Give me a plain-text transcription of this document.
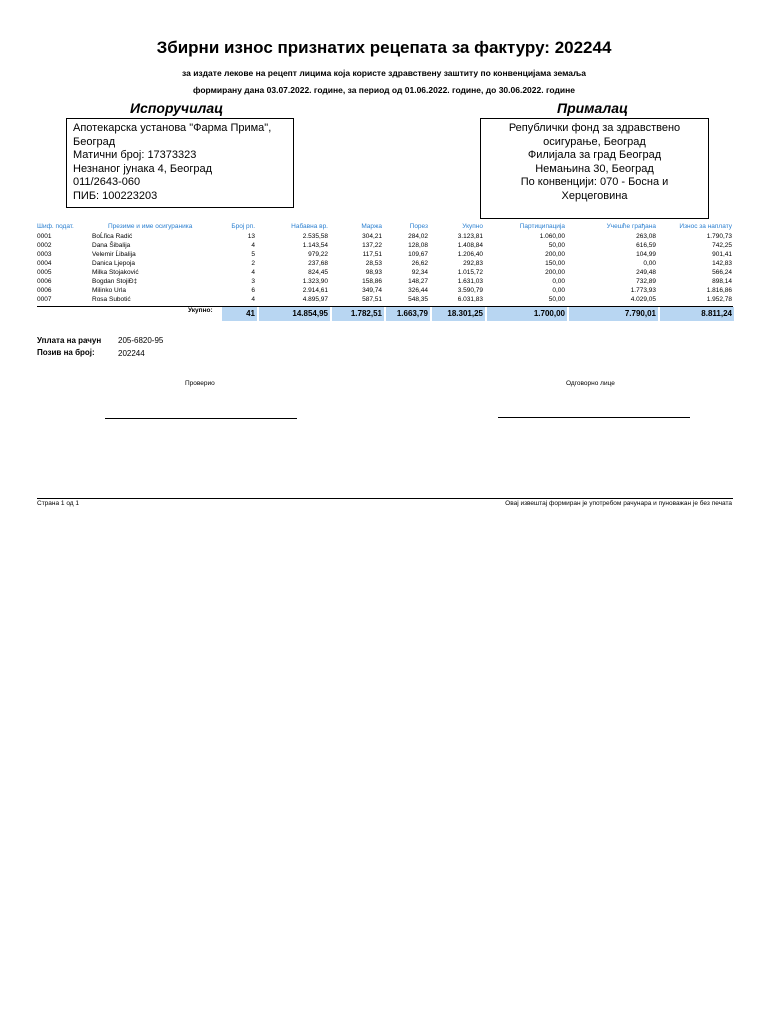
Збирни износ признатих рецепата за фактуру: 202244
за издате лекове на рецепт лицима која користе здравствену заштиту по конвенцијама земаља
формирану дана 03.07.2022. године, за период од 01.06.2022. године, до 30.06.2022. године
Испоручилац	Прималац
Апотекарска установа "Фарма Прима",
Београд
Матични број: 17373323
Незнаног јунака 4, Београд
011/2643-060
ПИБ: 100223203
Републички фонд за здравствено
осигурање, Београд
Филијала за град Београд
Немањина 30, Београд
По конвенцији: 070 - Босна и
Херцеговина
Шиф. подат.	Презиме и име осигураника	Број рп.	Набавна вр.	Маржа	Порез	Укупно	Партиципација	Учешће грађана	Износ за наплату
0001	BoĹľica Radić	13	2.535,58	304,21	284,02	3.123,81	1.060,00	263,08	1.790,73
0002	Dana Šibalija	4	1.143,54	137,22	128,08	1.408,84	50,00	616,59	742,25
0003	Velemir Ĺibalija	5	979,22	117,51	109,67	1.206,40	200,00	104,99	901,41
0004	Danica Ljepoja	2	237,68	28,53	26,62	292,83	150,00	0,00	142,83
0005	Milka Stojaković	4	824,45	98,93	92,34	1.015,72	200,00	249,48	566,24
0006	Bogdan StojiĐ‡	3	1.323,90	158,86	148,27	1.631,03	0,00	732,89	898,14
0006	Milinko Urla	6	2.914,61	349,74	326,44	3.590,79	0,00	1.773,93	1.816,86
0007	Rosa Subotić	4	4.895,97	587,51	548,35	6.031,83	50,00	4.029,05	1.952,78
Укупно:	41	14.854,95	1.782,51	1.663,79	18.301,25	1.700,00	7.790,01	8.811,24
Уплата на рачун 205-6820-95
Позив на број:	202244
Проверио	Одговорно лице
Страна 1 од 1	Овај извештај формиран је употребом рачунара и пуноважан је без печата
